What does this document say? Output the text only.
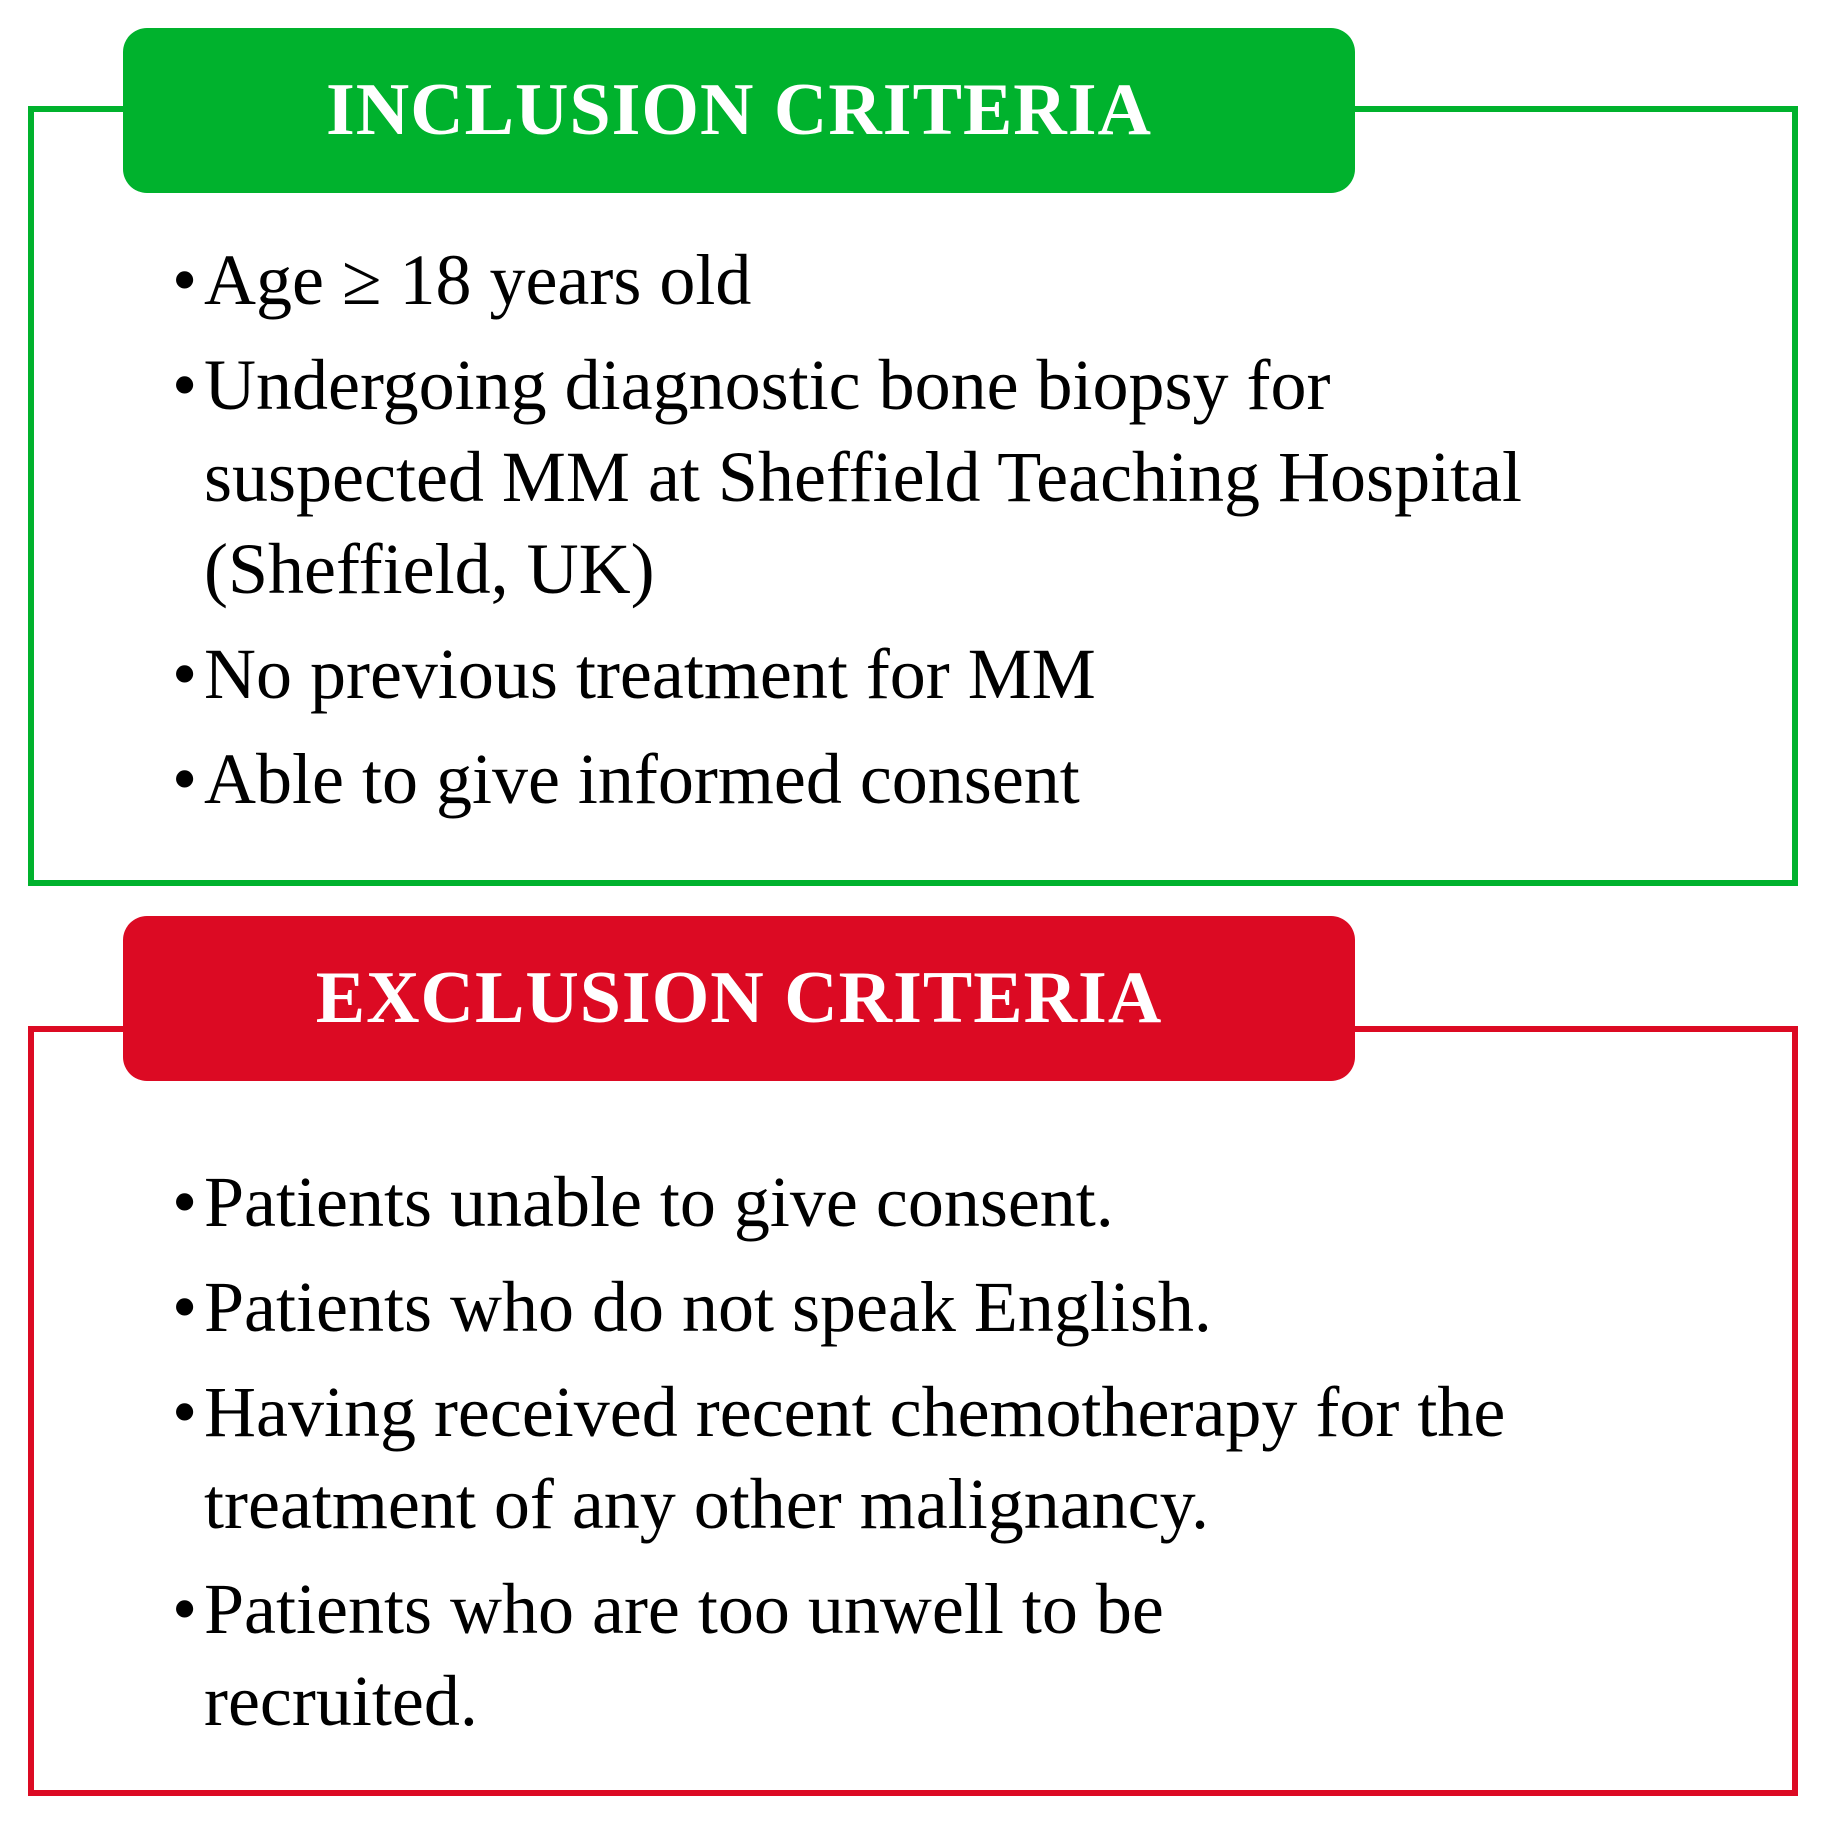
INCLUSION CRITERIA
• Age ≥ 18 years old
• Undergoing diagnostic bone biopsy for suspected MM at Sheffield Teaching Hospital (Sheffield, UK)
• No previous treatment for MM
• Able to give informed consent
EXCLUSION CRITERIA
• Patients unable to give consent.
• Patients who do not speak English.
• Having received recent chemotherapy for the treatment of any other malignancy.
• Patients who are too unwell to be recruited.
